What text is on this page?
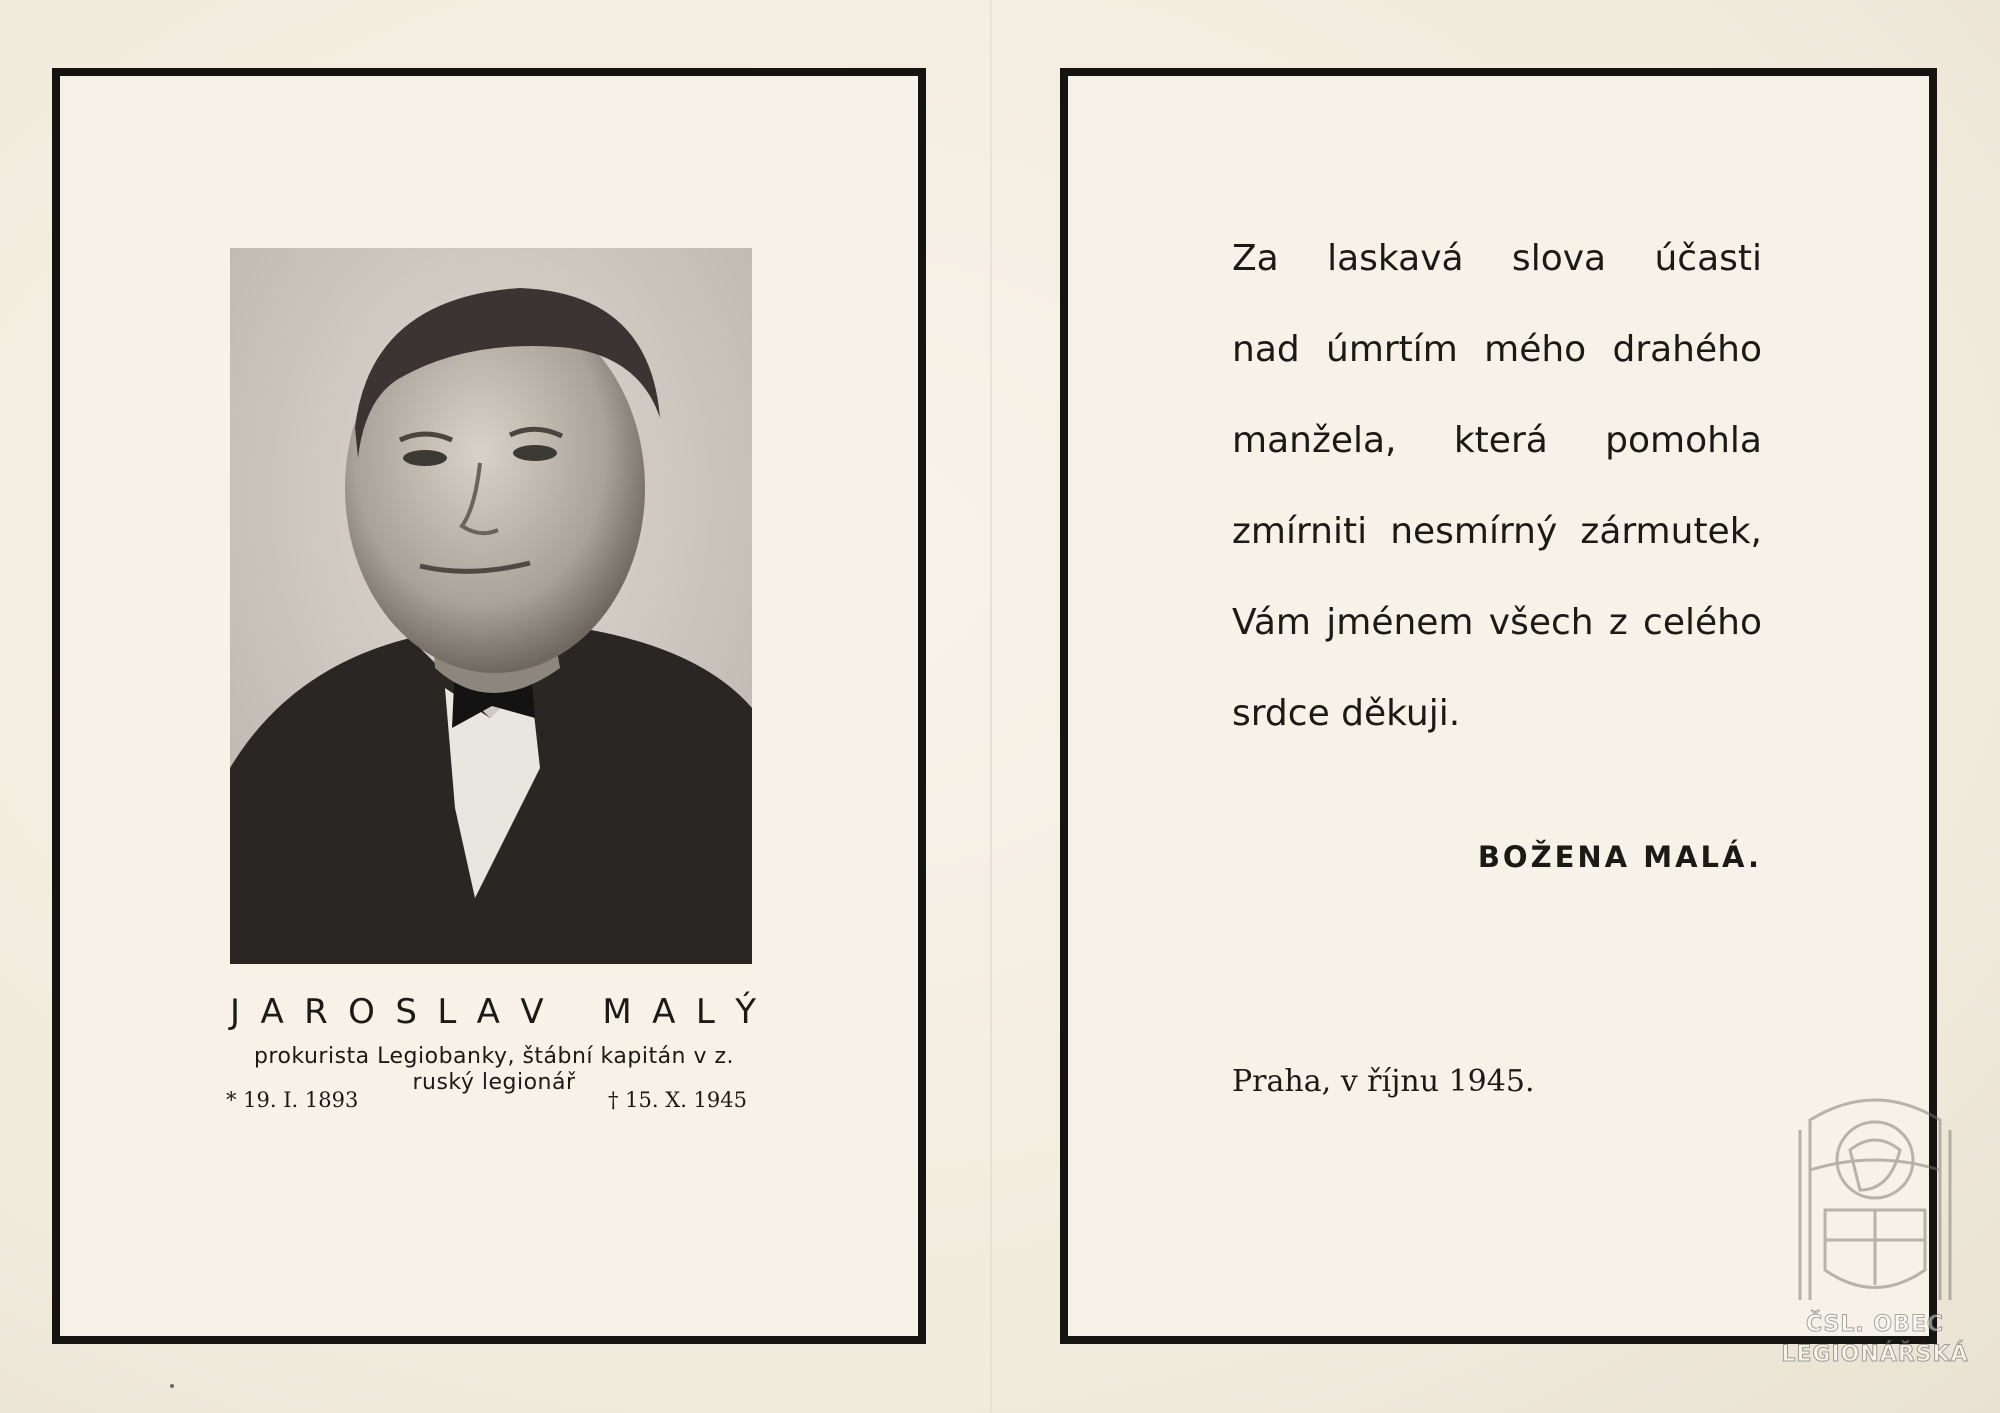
J A R O S L A V M A L Ý
prokurista Legiobanky, štábní kapitán v z.
ruský legionář
* 19. I. 1893	† 15. X. 1945
Za laskavá slova účasti
nad úmrtím mého drahého
manžela, která pomohla
zmírniti nesmírný zármutek,
Vám jménem všech z celého
srdce děkuji.
BOŽENA MALÁ.
Praha, v říjnu 1945.
ČSL. OBEC
LEGIONÁŘSKÁ
